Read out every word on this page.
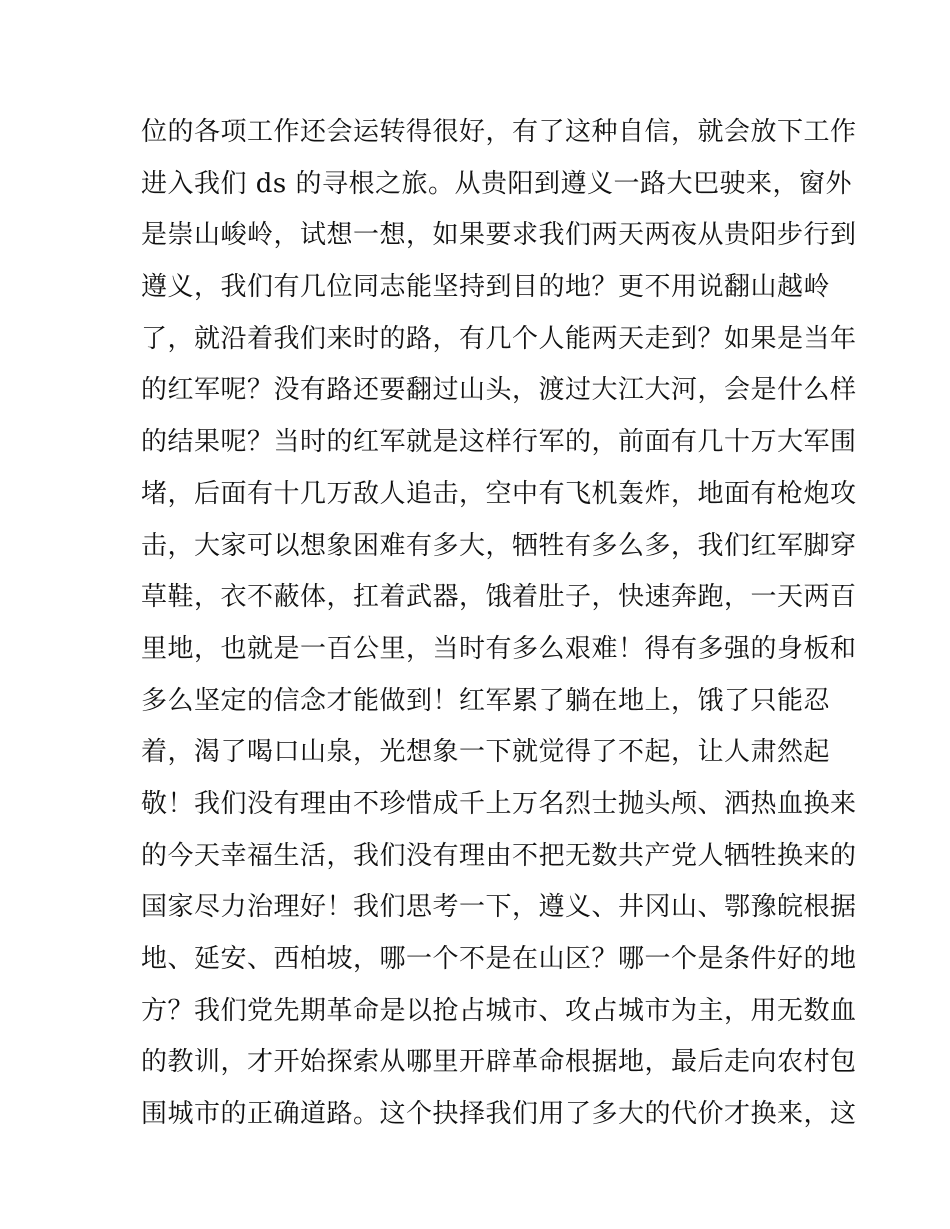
位的各项工作还会运转得很好，有了这种自信，就会放下工作
进入我们 ds 的寻根之旅。从贵阳到遵义一路大巴驶来，窗外
是崇山峻岭，试想一想，如果要求我们两天两夜从贵阳步行到
遵义，我们有几位同志能坚持到目的地？更不用说翻山越岭
了，就沿着我们来时的路，有几个人能两天走到？如果是当年
的红军呢？没有路还要翻过山头，渡过大江大河，会是什么样
的结果呢？当时的红军就是这样行军的，前面有几十万大军围
堵，后面有十几万敌人追击，空中有飞机轰炸，地面有枪炮攻
击，大家可以想象困难有多大，牺牲有多么多，我们红军脚穿
草鞋，衣不蔽体，扛着武器，饿着肚子，快速奔跑，一天两百
里地，也就是一百公里，当时有多么艰难！得有多强的身板和
多么坚定的信念才能做到！红军累了躺在地上，饿了只能忍
着，渴了喝口山泉，光想象一下就觉得了不起，让人肃然起
敬！我们没有理由不珍惜成千上万名烈士抛头颅、洒热血换来
的今天幸福生活，我们没有理由不把无数共产党人牺牲换来的
国家尽力治理好！我们思考一下，遵义、井冈山、鄂豫皖根据
地、延安、西柏坡，哪一个不是在山区？哪一个是条件好的地
方？我们党先期革命是以抢占城市、攻占城市为主，用无数血
的教训，才开始探索从哪里开辟革命根据地，最后走向农村包
围城市的正确道路。这个抉择我们用了多大的代价才换来，这
